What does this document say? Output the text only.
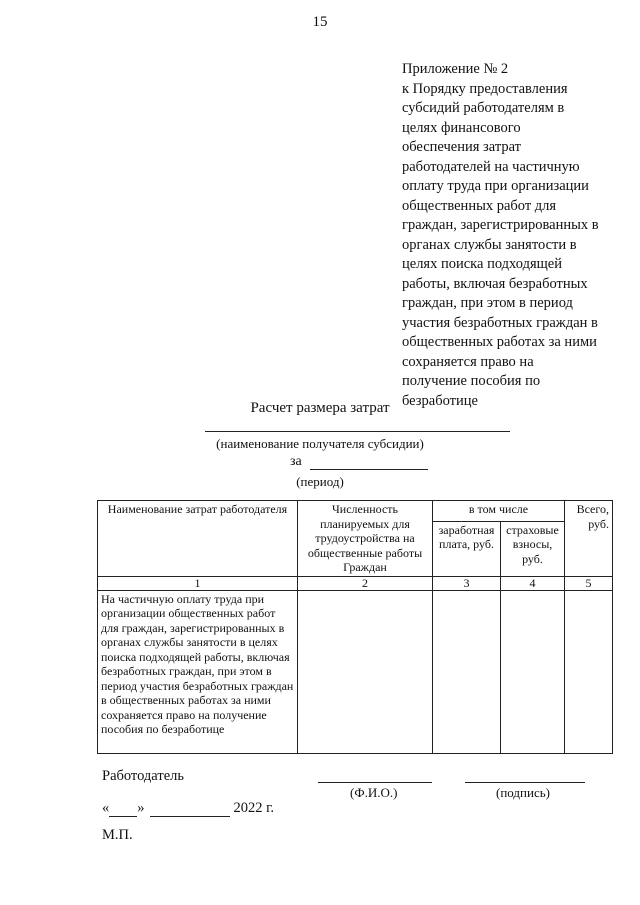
15
Приложение № 2
к Порядку предоставления
субсидий работодателям в
целях финансового
обеспечения затрат
работодателей на частичную
оплату труда при организации
общественных работ для
граждан, зарегистрированных в
органах службы занятости в
целях поиска подходящей
работы, включая безработных
граждан, при этом в период
участия безработных граждан в
общественных работах за ними
сохраняется право на
получение пособия по
безработице
Расчет размера затрат
(наименование получателя субсидии)
за
(период)
Наименование затрат работодателя	Численность планируемых для трудоустройства на общественные работы Граждан	в том числе		Всего, руб.
		заработная плата, руб.	страховые взносы, руб.	
1	2	3	4	5
На частичную оплату труда при организации общественных работ для граждан, зарегистрированных в органах службы занятости в целях поиска подходящей работы, включая безработных граждан, при этом в период участия безработных граждан в общественных работах за ними сохраняется право на получение пособия по безработице				
Работодатель
(Ф.И.О.)	(подпись)
« »	2022 г.
М.П.
